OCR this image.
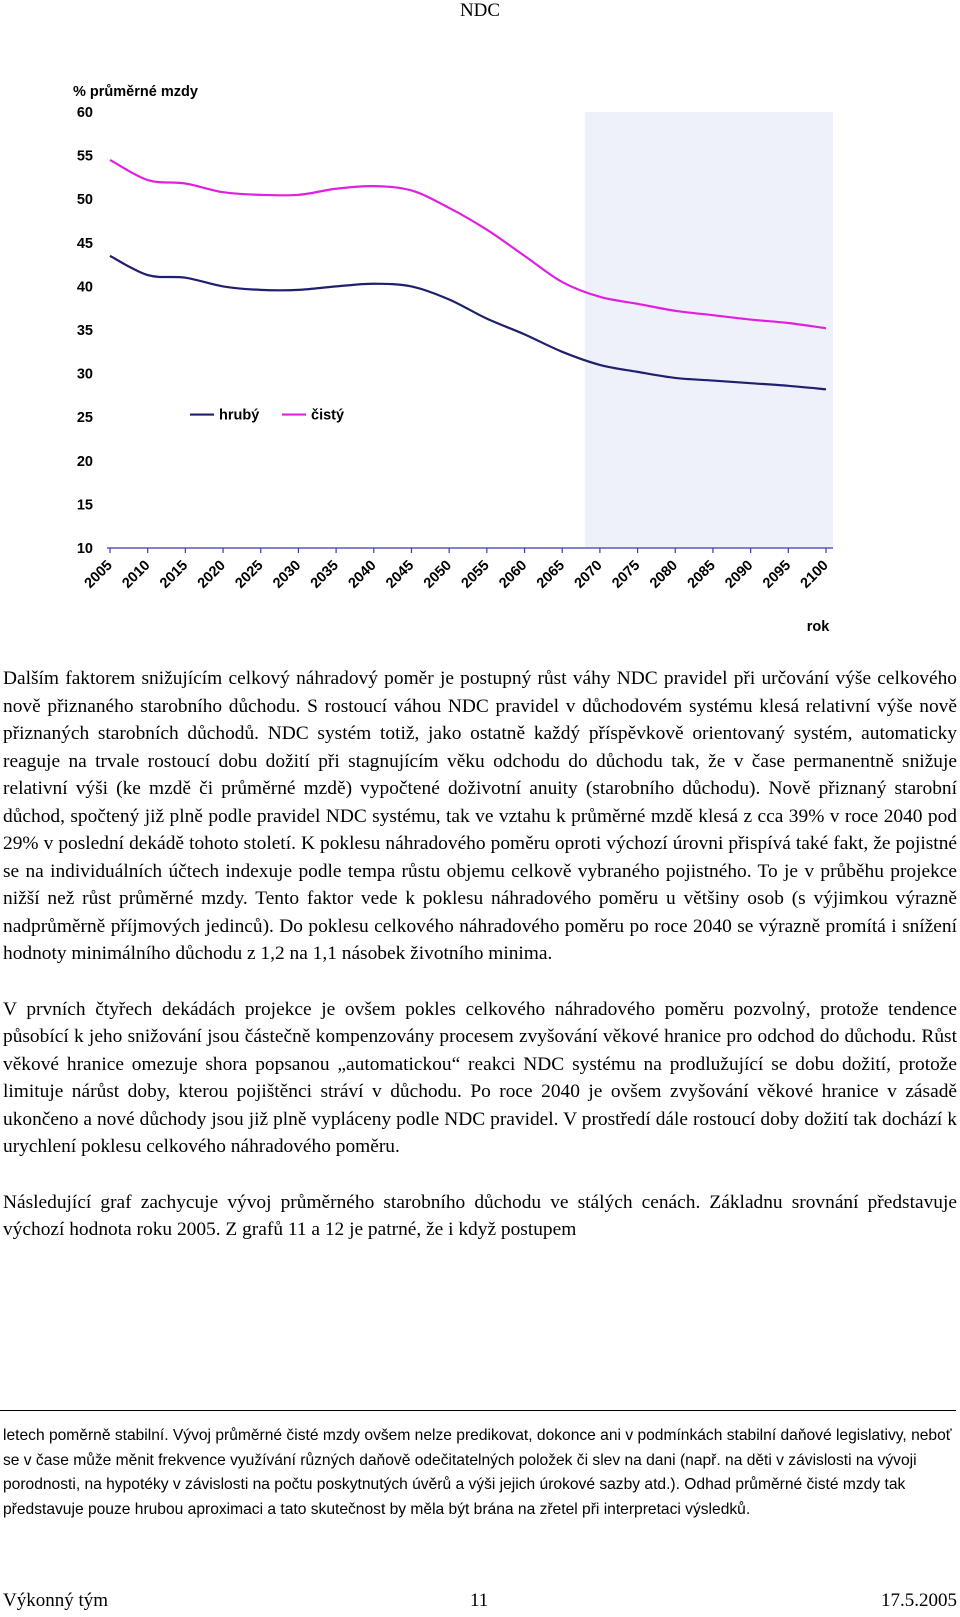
NDC
% průměrné mzdy
60
55
50
45
40
35
30
25
20
15
10
2005 2010 2015 2020 2025 2030 2035 2040 2045 2050 2055 2060 2065 2070 2075 2080 2085 2090 2095 2100
rok
hrubý	čistý

Dalším faktorem snižujícím celkový náhradový poměr je postupný růst váhy NDC pravidel při určování výše celkového nově přiznaného starobního důchodu. S rostoucí váhou NDC pravidel v důchodovém systému klesá relativní výše nově přiznaných starobních důchodů. NDC systém totiž, jako ostatně každý příspěvkově orientovaný systém, automaticky reaguje na trvale rostoucí dobu dožití při stagnujícím věku odchodu do důchodu tak, že v čase permanentně snižuje relativní výši (ke mzdě či průměrné mzdě) vypočtené doživotní anuity (starobního důchodu). Nově přiznaný starobní důchod, spočtený již plně podle pravidel NDC systému, tak ve vztahu k průměrné mzdě klesá z cca 39% v roce 2040 pod 29% v poslední dekádě tohoto století. K poklesu náhradového poměru oproti výchozí úrovni přispívá také fakt, že pojistné se na individuálních účtech indexuje podle tempa růstu objemu celkově vybraného pojistného. To je v průběhu projekce nižší než růst průměrné mzdy. Tento faktor vede k poklesu náhradového poměru u většiny osob (s výjimkou výrazně nadprůměrně příjmových jedinců). Do poklesu celkového náhradového poměru po roce 2040 se výrazně promítá i snížení hodnoty minimálního důchodu z 1,2 na 1,1 násobek životního minima.

V prvních čtyřech dekádách projekce je ovšem pokles celkového náhradového poměru pozvolný, protože tendence působící k jeho snižování jsou částečně kompenzovány procesem zvyšování věkové hranice pro odchod do důchodu. Růst věkové hranice omezuje shora popsanou „automatickou“ reakci NDC systému na prodlužující se dobu dožití, protože limituje nárůst doby, kterou pojištěnci stráví v důchodu. Po roce 2040 je ovšem zvyšování věkové hranice v zásadě ukončeno a nové důchody jsou již plně vypláceny podle NDC pravidel. V prostředí dále rostoucí doby dožití tak dochází k urychlení poklesu celkového náhradového poměru.

Následující graf zachycuje vývoj průměrného starobního důchodu ve stálých cenách. Základnu srovnání představuje výchozí hodnota roku 2005. Z grafů 11 a 12 je patrné, že i když postupem

letech poměrně stabilní. Vývoj průměrné čisté mzdy ovšem nelze predikovat, dokonce ani v podmínkách stabilní daňové legislativy, neboť se v čase může měnit frekvence využívání různých daňově odečitatelných položek či slev na dani (např. na děti v závislosti na vývoji porodnosti, na hypotéky v závislosti na počtu poskytnutých úvěrů a výši jejich úrokové sazby atd.). Odhad průměrné čisté mzdy tak představuje pouze hrubou aproximaci a tato skutečnost by měla být brána na zřetel při interpretaci výsledků.
Výkonný tým	11	17.5.2005
